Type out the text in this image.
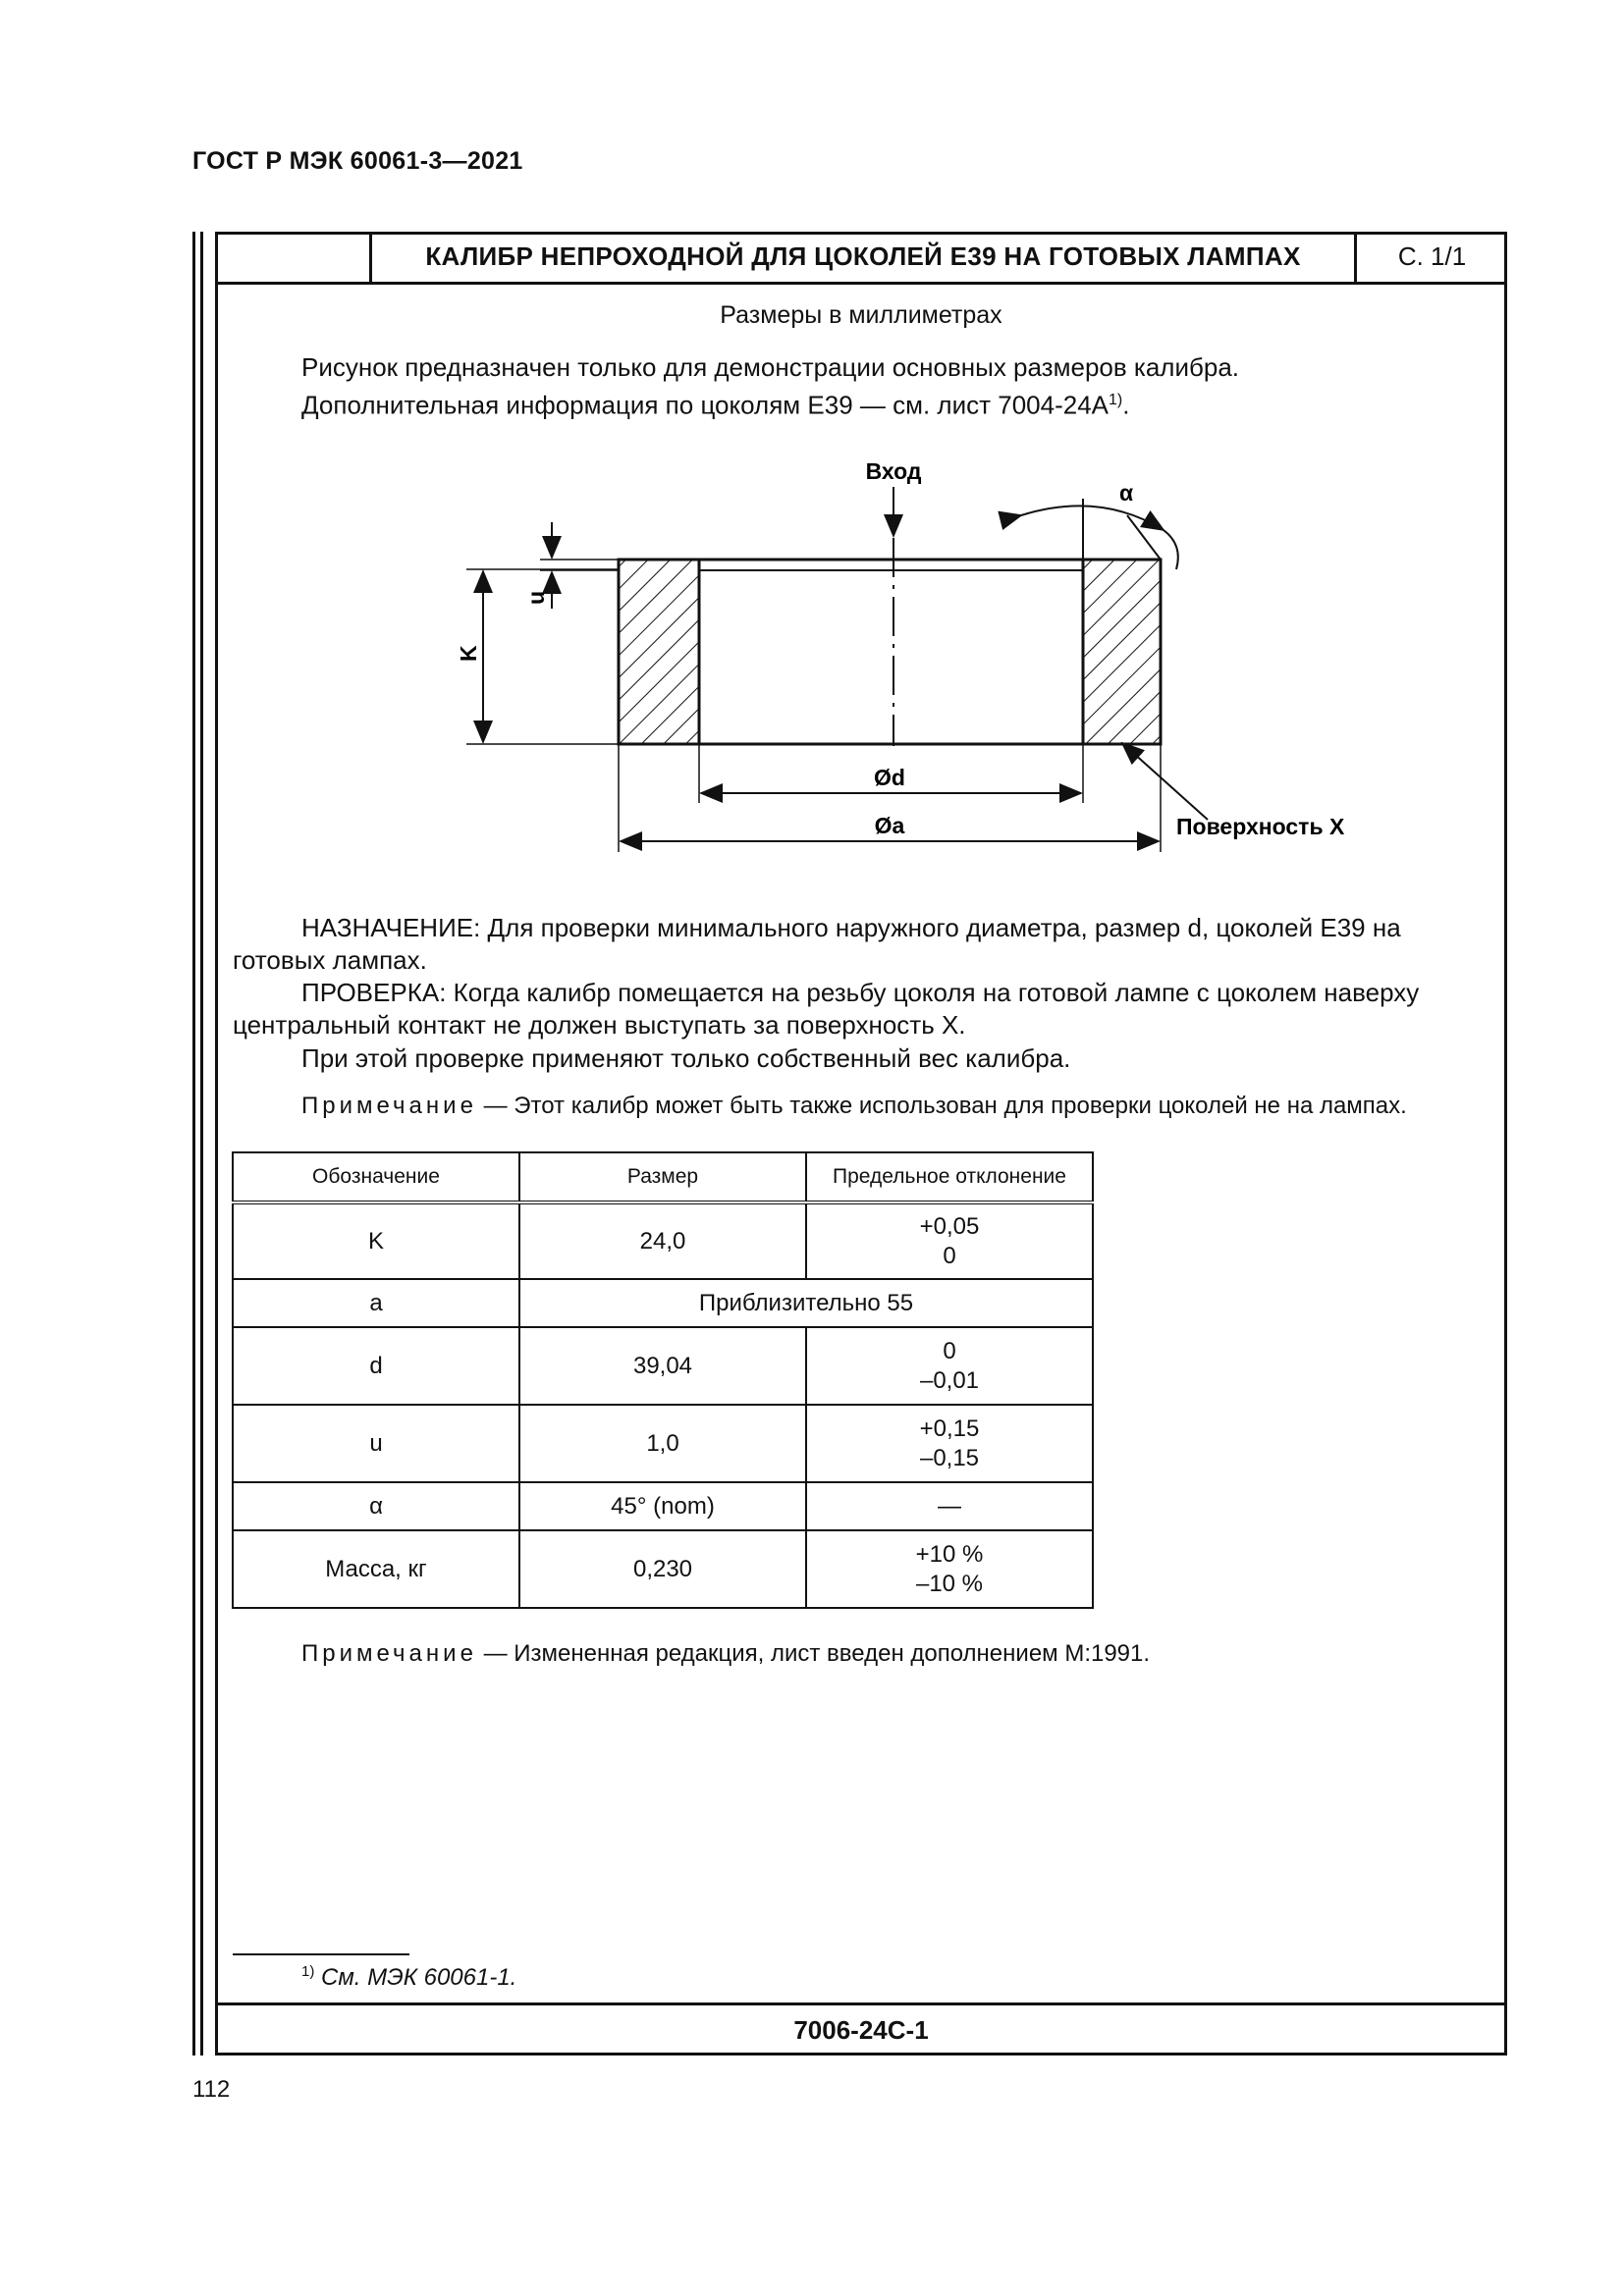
ГОСТ Р МЭК 60061-3—2021
КАЛИБР НЕПРОХОДНОЙ ДЛЯ ЦОКОЛЕЙ Е39 НА ГОТОВЫХ ЛАМПАХ	С. 1/1
Размеры в миллиметрах
Рисунок предназначен только для демонстрации основных размеров калибра.
Дополнительная информация по цоколям Е39 — см. лист $7004-24A^{1)}$.
Вход
α
u
K
Ød
Øa	Поверхность X
НАЗНАЧЕНИЕ: Для проверки минимального наружного диаметра, размер d, цоколей Е39 на готовых лампах.
ПРОВЕРКА: Когда калибр помещается на резьбу цоколя на готовой лампе с цоколем наверху центральный контакт не должен выступать за поверхность X.
При этой проверке применяют только собственный вес калибра.
Примечание — Этот калибр может быть также использован для проверки цоколей не на лампах.
Обозначение	Размер	Предельное отклонение
K	24,0	+0,05
0

a	Приблизительно 55	
d	39,04	0
–0,01

u	1,0	+0,15
–0,15

α	45° (nom)	—
Масса, кг	0,230	+10 %
–10 %
Примечание — Измененная редакция, лист введен дополнением М:1991.
$^{1)}$ См. МЭК 60061-1.
7006-24C-1
112
